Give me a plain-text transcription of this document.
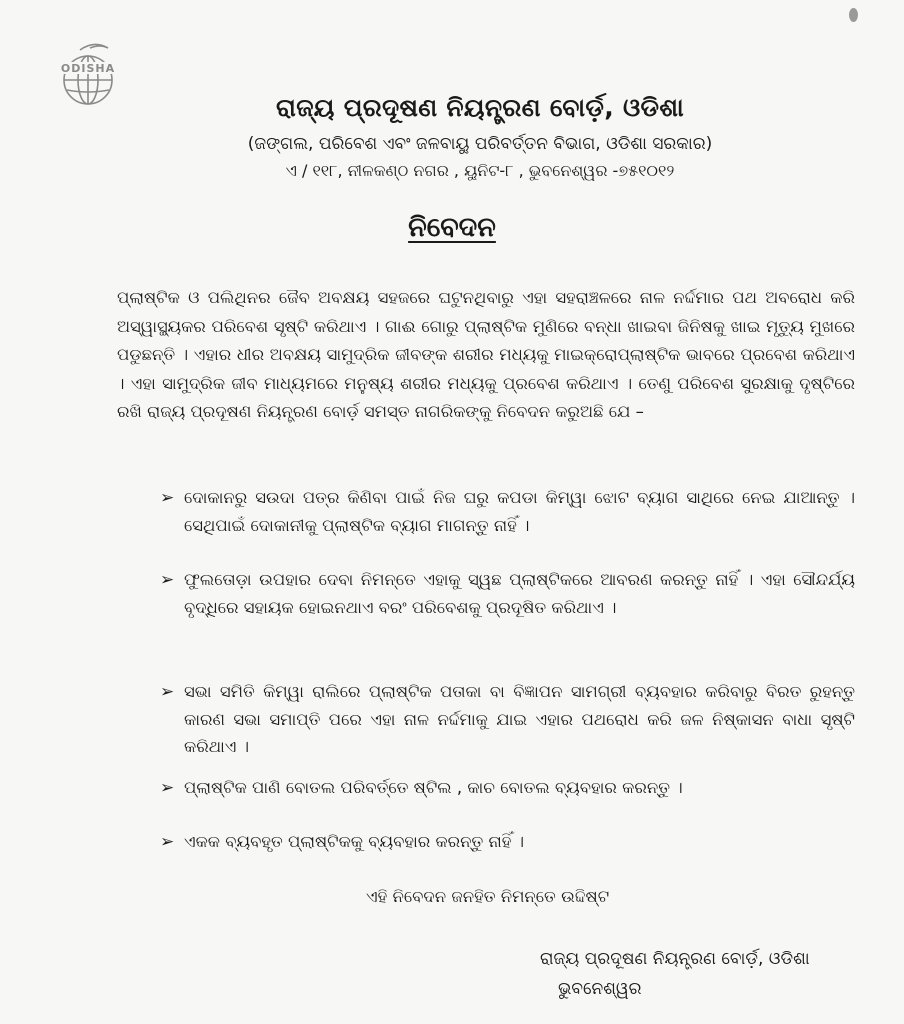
ODISHA
ରାଜ୍ୟ ପ୍ରଦୂଷଣ ନିୟନ୍ତ୍ରଣ ବୋର୍ଡ଼, ଓଡିଶା
(ଜଙ୍ଗଲ, ପରିବେଶ ଏବଂ ଜଳବାୟୁ ପରିବର୍ତ୍ତନ ବିଭାଗ, ଓଡିଶା ସରକାର)
ଏ / ୧୧୮, ନୀଳକଣ୍ଠ ନଗର , ୟୁନିଟ-୮ , ଭୁବନେଶ୍ୱର -୭୫୧୦୧୨
ନିବେଦନ
ପ୍ଲାଷ୍ଟିକ ଓ ପଲିଥିନର ଜୈବ ଅବକ୍ଷୟ ସହଜରେ ଘଟୁନଥିବାରୁ ଏହା ସହରାଞ୍ଚଳରେ ନାଳ ନର୍ଦ୍ଦମାର ପଥ ଅବରୋଧ କରି ଅସ୍ୱାସ୍ଥ୍ୟକର ପରିବେଶ ସୃଷ୍ଟି କରିଥାଏ । ଗାଈ ଗୋରୁ ପ୍ଲାଷ୍ଟିକ ମୁଣିରେ ବନ୍ଧା ଖାଇବା ଜିନିଷକୁ ଖାଇ ମୃତ୍ୟୁ ମୁଖରେ ପଡୁଛନ୍ତି । ଏହାର ଧୀର ଅବକ୍ଷୟ ସାମୁଦ୍ରିକ ଜୀବଙ୍କ ଶରୀର ମଧ୍ୟକୁ ମାଇକ୍ରୋପ୍ଲାଷ୍ଟିକ ଭାବରେ ପ୍ରବେଶ କରିଥାଏ । ଏହା ସାମୁଦ୍ରିକ ଜୀବ ମାଧ୍ୟମରେ ମନୁଷ୍ୟ ଶରୀର ମଧ୍ୟକୁ ପ୍ରବେଶ କରିଥାଏ । ତେଣୁ ପରିବେଶ ସୁରକ୍ଷାକୁ ଦୃଷ୍ଟିରେ ରଖି ରାଜ୍ୟ ପ୍ରଦୂଷଣ ନିୟନ୍ତ୍ରଣ ବୋର୍ଡ଼ ସମସ୍ତ ନାଗରିକଙ୍କୁ ନିବେଦନ କରୁଅଛି ଯେ –
➢ ଦୋକାନରୁ ସଉଦା ପତ୍ର କିଣିବା ପାଇଁ ନିଜ ଘରୁ କପଡା କିମ୍ୱା ଝୋଟ ବ୍ୟାଗ ସାଥିରେ ନେଇ ଯାଆନ୍ତୁ । ସେଥିପାଇଁ ଦୋକାନୀକୁ ପ୍ଲାଷ୍ଟିକ ବ୍ୟାଗ ମାଗନ୍ତୁ ନାହିଁ ।
➢ ଫୁଲତୋଡ଼ା ଉପହାର ଦେବା ନିମନ୍ତେ ଏହାକୁ ସ୍ୱଛ ପ୍ଲାଷ୍ଟିକରେ ଆବରଣ କରନ୍ତୁ ନାହିଁ । ଏହା ସୌନ୍ଦର୍ଯ୍ୟ ବୃଦ୍ଧିରେ ସହାୟକ ହୋଇନଥାଏ ବରଂ ପରିବେଶକୁ ପ୍ରଦୂଷିତ କରିଥାଏ ।
➢ ସଭା ସମିତି କିମ୍ୱା ରାଲିରେ ପ୍ଲାଷ୍ଟିକ ପତାକା ବା ବିଜ୍ଞାପନ ସାମଗ୍ରୀ ବ୍ୟବହାର କରିବାରୁ ବିରତ ରୁହନ୍ତୁ କାରଣ ସଭା ସମାପ୍ତି ପରେ ଏହା ନାଳ ନର୍ଦ୍ଦମାକୁ ଯାଇ ଏହାର ପଥରୋଧ କରି ଜଳ ନିଷ୍କାସନ ବାଧା ସୃଷ୍ଟି କରିଥାଏ ।
➢ ପ୍ଲାଷ୍ଟିକ ପାଣି ବୋତଲ ପରିବର୍ତ୍ତେ ଷ୍ଟିଲ , କାଚ ବୋତଲ ବ୍ୟବହାର କରନ୍ତୁ ।
➢ ଏକକ ବ୍ୟବହୃତ ପ୍ଲାଷ୍ଟିକକୁ ବ୍ୟବହାର କରନ୍ତୁ ନାହିଁ ।
ଏହି ନିବେଦନ ଜନହିତ ନିମନ୍ତେ ଉଦ୍ଦିଷ୍ଟ
ରାଜ୍ୟ ପ୍ରଦୂଷଣ ନିୟନ୍ତ୍ରଣ ବୋର୍ଡ଼, ଓଡିଶା
ଭୁବନେଶ୍ୱର
